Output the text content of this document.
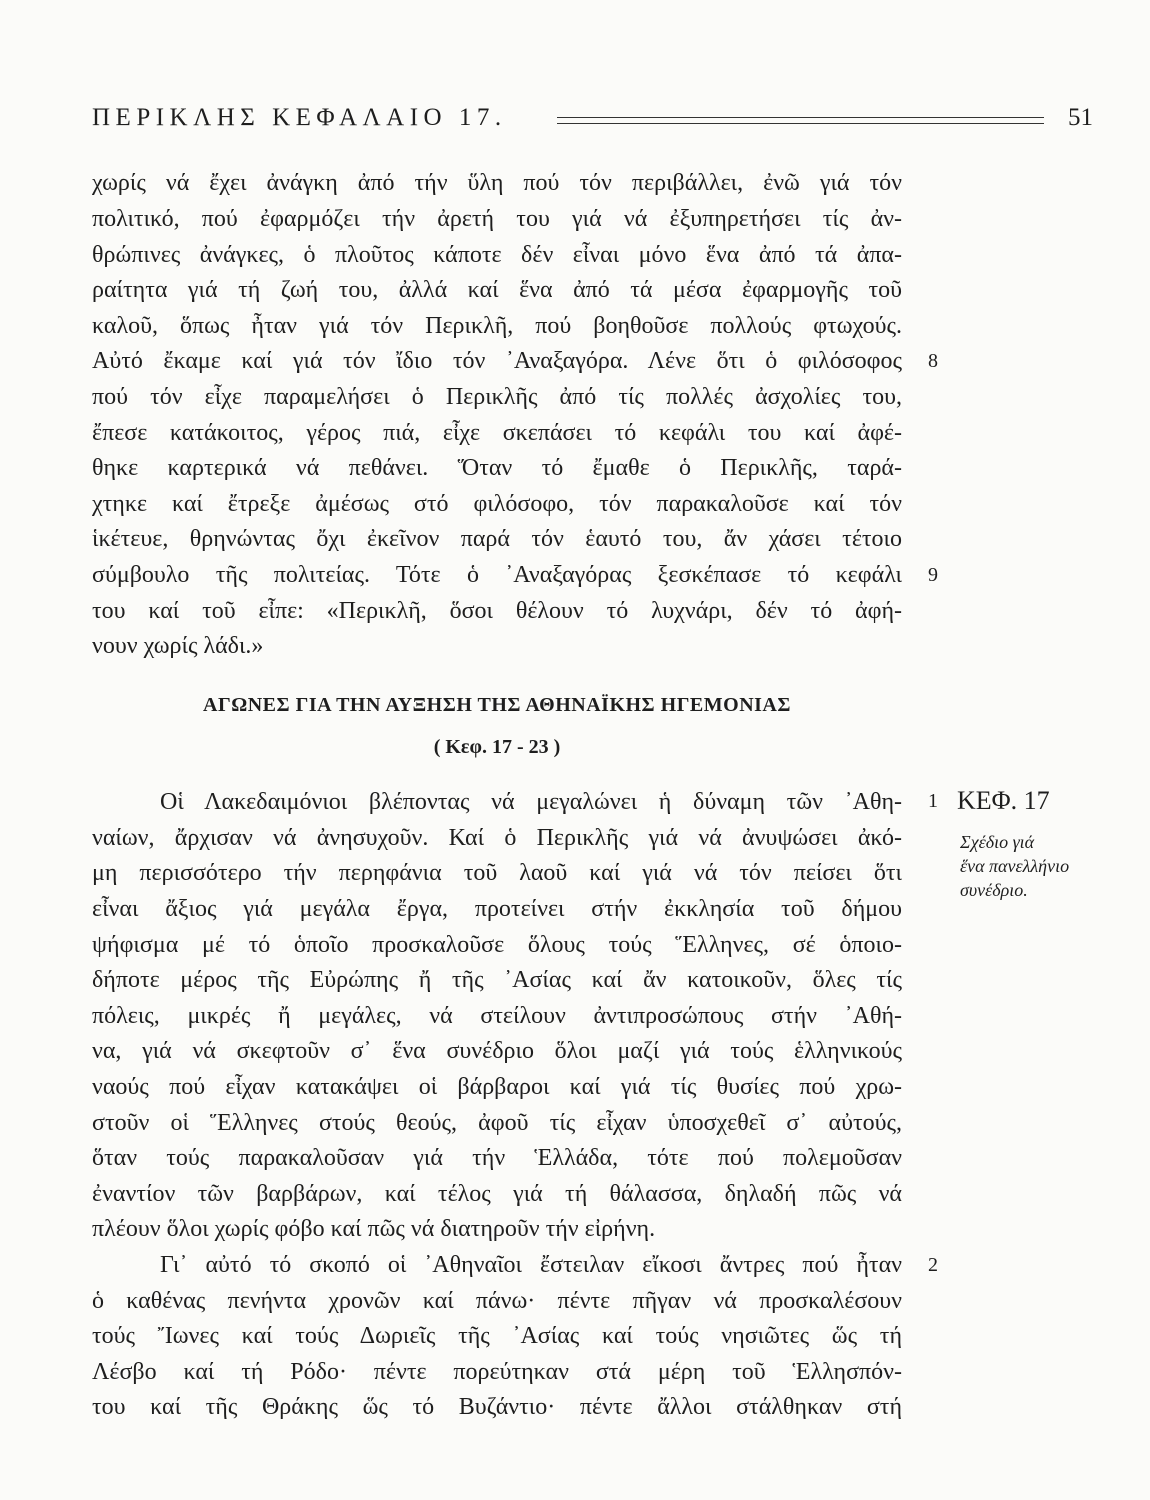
ΠΕΡΙΚΛΗΣ ΚΕΦΑΛΑΙΟ 17.	51
χωρίς νά ἔχει ἀνάγκη ἀπό τήν ὕλη πού τόν περιβάλλει, ἐνῶ γιά τόν
πολιτικό, πού ἐφαρμόζει τήν ἀρετή του γιά νά ἐξυπηρετήσει τίς ἀν-
θρώπινες ἀνάγκες, ὁ πλοῦτος κάποτε δέν εἶναι μόνο ἕνα ἀπό τά ἀπα-
ραίτητα γιά τή ζωή του, ἀλλά καί ἕνα ἀπό τά μέσα ἐφαρμογῆς τοῦ
καλοῦ, ὅπως ἦταν γιά τόν Περικλῆ, πού βοηθοῦσε πολλούς φτωχούς.
Αὐτό ἔκαμε καί γιά τόν ἴδιο τόν ᾿Αναξαγόρα. Λένε ὅτι ὁ φιλόσοφος
πού τόν εἶχε παραμελήσει ὁ Περικλῆς ἀπό τίς πολλές ἀσχολίες του,
ἔπεσε κατάκοιτος, γέρος πιά, εἶχε σκεπάσει τό κεφάλι του καί ἀφέ-
θηκε καρτερικά νά πεθάνει. Ὅταν τό ἔμαθε ὁ Περικλῆς, ταρά-
χτηκε καί ἔτρεξε ἀμέσως στό φιλόσοφο, τόν παρακαλοῦσε καί τόν
ἱκέτευε, θρηνώντας ὄχι ἐκεῖνον παρά τόν ἑαυτό του, ἄν χάσει τέτοιο
σύμβουλο τῆς πολιτείας. Τότε ὁ ᾿Αναξαγόρας ξεσκέπασε τό κεφάλι
του καί τοῦ εἶπε: «Περικλῆ, ὅσοι θέλουν τό λυχνάρι, δέν τό ἀφή-
νουν χωρίς λάδι.»
ΑΓΩΝΕΣ ΓΙΑ ΤΗΝ ΑΥΞΗΣΗ ΤΗΣ ΑΘΗΝΑΪΚΗΣ ΗΓΕΜΟΝΙΑΣ
( Κεφ. 17 - 23 )
Οἱ Λακεδαιμόνιοι βλέποντας νά μεγαλώνει ἡ δύναμη τῶν ᾿Αθη-
ναίων, ἄρχισαν νά ἀνησυχοῦν. Καί ὁ Περικλῆς γιά νά ἀνυψώσει ἀκό-
μη περισσότερο τήν περηφάνια τοῦ λαοῦ καί γιά νά τόν πείσει ὅτι
εἶναι ἄξιος γιά μεγάλα ἔργα, προτείνει στήν ἐκκλησία τοῦ δήμου
ψήφισμα μέ τό ὁποῖο προσκαλοῦσε ὅλους τούς Ἕλληνες, σέ ὁποιο-
δήποτε μέρος τῆς Εὐρώπης ἤ τῆς ᾿Ασίας καί ἄν κατοικοῦν, ὅλες τίς
πόλεις, μικρές ἤ μεγάλες, νά στείλουν ἀντιπροσώπους στήν ᾿Αθή-
να, γιά νά σκεφτοῦν σ᾿ ἕνα συνέδριο ὅλοι μαζί γιά τούς ἑλληνικούς
ναούς πού εἶχαν κατακάψει οἱ βάρβαροι καί γιά τίς θυσίες πού χρω-
στοῦν οἱ Ἕλληνες στούς θεούς, ἀφοῦ τίς εἶχαν ὑποσχεθεῖ σ᾿ αὐτούς,
ὅταν τούς παρακαλοῦσαν γιά τήν Ἑλλάδα, τότε πού πολεμοῦσαν
ἐναντίον τῶν βαρβάρων, καί τέλος γιά τή θάλασσα, δηλαδή πῶς νά
πλέουν ὅλοι χωρίς φόβο καί πῶς νά διατηροῦν τήν εἰρήνη.
Γι᾿ αὐτό τό σκοπό οἱ ᾿Αθηναῖοι ἔστειλαν εἴκοσι ἄντρες πού ἦταν
ὁ καθένας πενήντα χρονῶν καί πάνω· πέντε πῆγαν νά προσκαλέσουν
τούς Ἴωνες καί τούς Δωριεῖς τῆς ᾿Ασίας καί τούς νησιῶτες ὥς τή
Λέσβο καί τή Ρόδο· πέντε πορεύτηκαν στά μέρη τοῦ Ἑλλησπόν-
του καί τῆς Θράκης ὥς τό Βυζάντιο· πέντε ἄλλοι στάλθηκαν στή
8
9
1
2
ΚΕΦ. 17
Σχέδιο γιά
ἕνα πανελλήνιο
συνέδριο.
